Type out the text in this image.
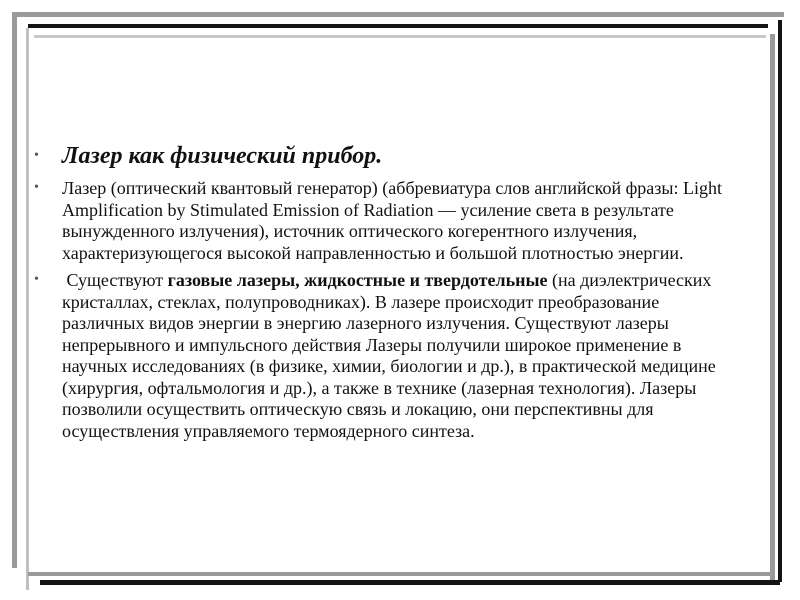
• Лазер как физический прибор.
• Лазер (оптический квантовый генератор) (аббревиатура слов английской фразы: Light Amplification by Stimulated Emission of Radiation — усиление света в результате вынужденного излучения), источник оптического когерентного излучения, характеризующегося высокой направленностью и большой плотностью энергии.
• Существуют газовые лазеры, жидкостные и твердотельные (на диэлектрических кристаллах, стеклах, полупроводниках). В лазере происходит преобразование различных видов энергии в энергию лазерного излучения. Существуют лазеры непрерывного и импульсного действия Лазеры получили широкое применение в научных исследованиях (в физике, химии, биологии и др.), в практической медицине (хирургия, офтальмология и др.), а также в технике (лазерная технология). Лазеры позволили осуществить оптическую связь и локацию, они перспективны для осуществления управляемого термоядерного синтеза.
